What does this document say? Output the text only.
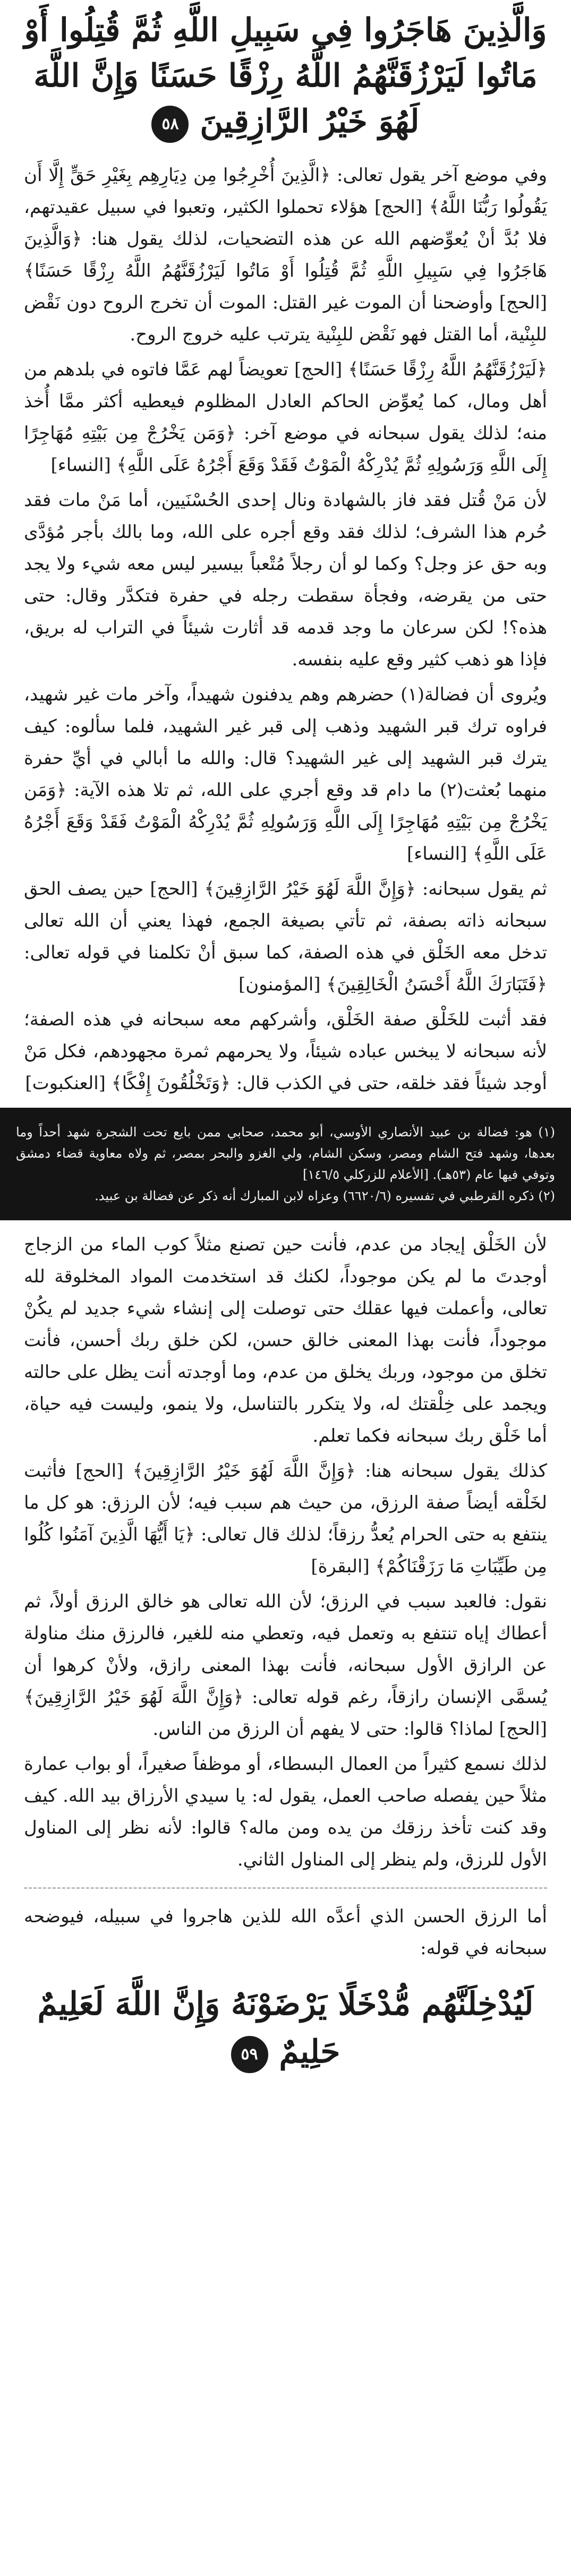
وَالَّذِينَ هَاجَرُوا فِي سَبِيلِ اللَّهِ ثُمَّ قُتِلُوا أَوْ مَاتُوا لَيَرْزُقَنَّهُمُ اللَّهُ رِزْقًا حَسَنًا وَإِنَّ اللَّهَ لَهُوَ خَيْرُ الرَّازِقِينَ ٥٨

وفي موضع آخر يقول تعالى: ﴿الَّذِينَ أُخْرِجُوا مِن دِيَارِهِم بِغَيْرِ حَقٍّ إِلَّا أَن يَقُولُوا رَبُّنَا اللَّهُ﴾ [الحج] هؤلاء تحملوا الكثير، وتعبوا في سبيل عقيدتهم، فلا بُدَّ أنْ يُعوِّضهم الله عن هذه التضحيات، لذلك يقول هنا: ﴿وَالَّذِينَ هَاجَرُوا فِي سَبِيلِ اللَّهِ ثُمَّ قُتِلُوا أَوْ مَاتُوا لَيَرْزُقَنَّهُمُ اللَّهُ رِزْقًا حَسَنًا﴾ [الحج] وأوضحنا أن الموت غير القتل: الموت أن تخرج الروح دون نَقْض للبِنْية، أما القتل فهو نَقْض للبِنْية يترتب عليه خروج الروح.

﴿لَيَرْزُقَنَّهُمُ اللَّهُ رِزْقًا حَسَنًا﴾ [الحج] تعويضاً لهم عَمَّا فاتوه في بلدهم من أهل ومال، كما يُعوِّض الحاكم العادل المظلوم فيعطيه أكثر ممَّا أُخذ منه؛ لذلك يقول سبحانه في موضع آخر: ﴿وَمَن يَخْرُجْ مِن بَيْتِهِ مُهَاجِرًا إِلَى اللَّهِ وَرَسُولِهِ ثُمَّ يُدْرِكْهُ الْمَوْتُ فَقَدْ وَقَعَ أَجْرُهُ عَلَى اللَّهِ﴾ [النساء]

لأن مَنْ قُتل فقد فاز بالشهادة ونال إحدى الحُسْنَيين، أما مَنْ مات فقد حُرم هذا الشرف؛ لذلك فقد وقع أجره على الله، وما بالك بأجر مُؤدَّى وبه حق عز وجل؟ وكما لو أن رجلاً مُتْعباً بيسير ليس معه شيء ولا يجد حتى من يقرضه، وفجأة سقطت رجله في حفرة فتكدَّر وقال: حتى هذه؟! لكن سرعان ما وجد قدمه قد أثارت شيئاً في التراب له بريق، فإذا هو ذهب كثير وقع عليه بنفسه.

ويُروى أن فضالة(١) حضرهم وهم يدفنون شهيداً، وآخر مات غير شهيد، فراوه ترك قبر الشهيد وذهب إلى قبر غير الشهيد، فلما سألوه: كيف يترك قبر الشهيد إلى غير الشهيد؟ قال: والله ما أبالي في أيِّ حفرة منهما بُعثت(٢) ما دام قد وقع أجري على الله، ثم تلا هذه الآية: ﴿وَمَن يَخْرُجْ مِن بَيْتِهِ مُهَاجِرًا إِلَى اللَّهِ وَرَسُولِهِ ثُمَّ يُدْرِكْهُ الْمَوْتُ فَقَدْ وَقَعَ أَجْرُهُ عَلَى اللَّهِ﴾ [النساء]

ثم يقول سبحانه: ﴿وَإِنَّ اللَّهَ لَهُوَ خَيْرُ الرَّازِقِينَ﴾ [الحج] حين يصف الحق سبحانه ذاته بصفة، ثم تأتي بصيغة الجمع، فهذا يعني أن الله تعالى تدخل معه الخَلْق في هذه الصفة، كما سبق أنْ تكلمنا في قوله تعالى: ﴿فَتَبَارَكَ اللَّهُ أَحْسَنُ الْخَالِقِينَ﴾ [المؤمنون]

فقد أثبت للخَلْق صفة الخَلْق، وأشركهم معه سبحانه في هذه الصفة؛ لأنه سبحانه لا يبخس عباده شيئاً، ولا يحرمهم ثمرة مجهودهم، فكل مَنْ أوجد شيئاً فقد خلقه، حتى في الكذب قال: ﴿وَتَخْلُقُونَ إِفْكًا﴾ [العنكبوت]

(١) هو: فضالة بن عبيد الأنصاري الأوسي، أبو محمد، صحابي ممن بايع تحت الشجرة شهد أحداً وما بعدها، وشهد فتح الشام ومصر، وسكن الشام، ولي الغزو والبحر بمصر، ثم ولاه معاوية قضاء دمشق وتوفي فيها عام (٥٣هـ). [الأعلام للزركلي ١٤٦/٥]

(٢) ذكره القرطبي في تفسيره (٦٦٢٠/٦) وعزاه لابن المبارك أنه ذكر عن فضالة بن عبيد.

لأن الخَلْق إيجاد من عدم، فأنت حين تصنع مثلاً كوب الماء من الزجاج أوجدتَ ما لم يكن موجوداً، لكنك قد استخدمت المواد المخلوقة لله تعالى، وأعملت فيها عقلك حتى توصلت إلى إنشاء شيء جديد لم يكُنْ موجوداً، فأنت بهذا المعنى خالق حسن، لكن خلق ربك أحسن، فأنت تخلق من موجود، وربك يخلق من عدم، وما أوجدته أنت يظل على حالته ويجمد على خِلْقتك له، ولا يتكرر بالتناسل، ولا ينمو، وليست فيه حياة، أما خَلْق ربك سبحانه فكما تعلم.

كذلك يقول سبحانه هنا: ﴿وَإِنَّ اللَّهَ لَهُوَ خَيْرُ الرَّازِقِينَ﴾ [الحج] فأثبت لخَلْقه أيضاً صفة الرزق، من حيث هم سبب فيه؛ لأن الرزق: هو كل ما ينتفع به حتى الحرام يُعدُّ رزقاً؛ لذلك قال تعالى: ﴿يَا أَيُّهَا الَّذِينَ آمَنُوا كُلُوا مِن طَيِّبَاتِ مَا رَزَقْنَاكُمْ﴾ [البقرة]

نقول: فالعبد سبب في الرزق؛ لأن الله تعالى هو خالق الرزق أولاً، ثم أعطاك إياه تنتفع به وتعمل فيه، وتعطي منه للغير، فالرزق منك مناولة عن الرازق الأول سبحانه، فأنت بهذا المعنى رازق، ولأنْ كرهوا أن يُسمَّى الإنسان رازقاً، رغم قوله تعالى: ﴿وَإِنَّ اللَّهَ لَهُوَ خَيْرُ الرَّازِقِينَ﴾ [الحج] لماذا؟ قالوا: حتى لا يفهم أن الرزق من الناس.

لذلك نسمع كثيراً من العمال البسطاء، أو موظفاً صغيراً، أو بواب عمارة مثلاً حين يفصله صاحب العمل، يقول له: يا سيدي الأرزاق بيد الله. كيف وقد كنت تأخذ رزقك من يده ومن ماله؟ قالوا: لأنه نظر إلى المناول الأول للرزق، ولم ينظر إلى المناول الثاني.

أما الرزق الحسن الذي أعدَّه الله للذين هاجروا في سبيله، فيوضحه سبحانه في قوله:

لَيُدْخِلَنَّهُم مُّدْخَلًا يَرْضَوْنَهُ وَإِنَّ اللَّهَ لَعَلِيمٌ حَلِيمٌ ٥٩
